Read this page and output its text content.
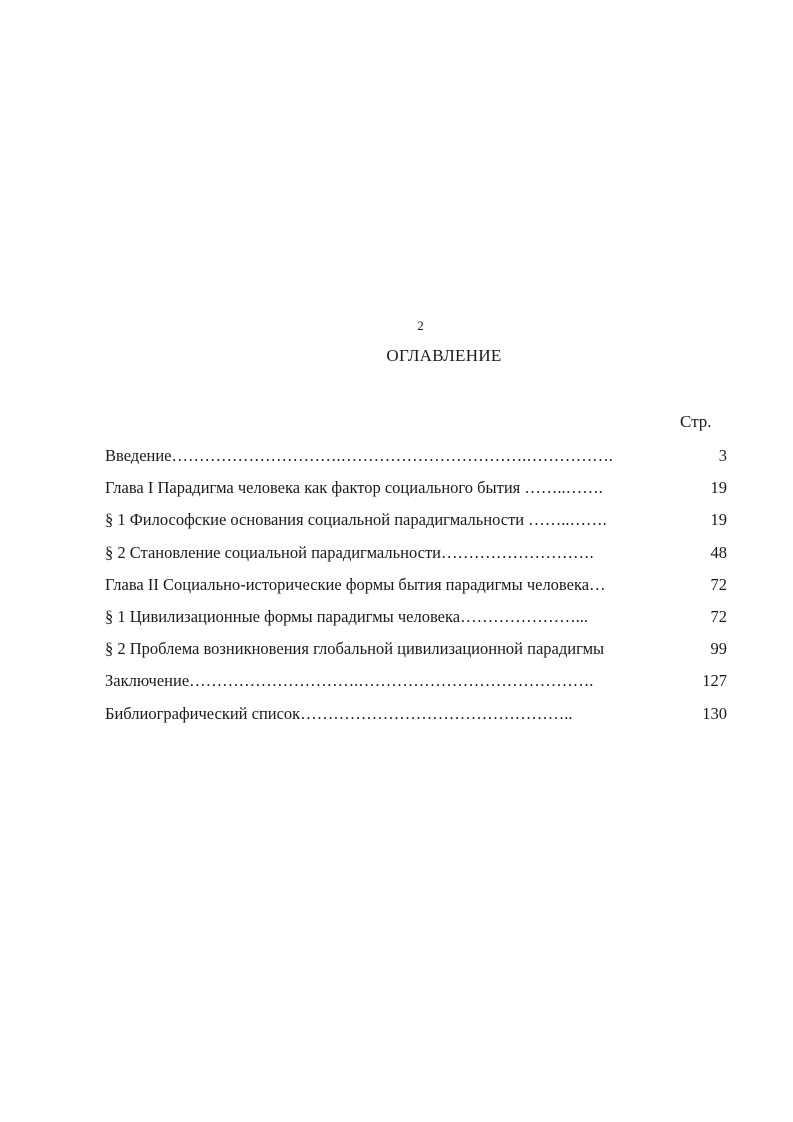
2
ОГЛАВЛЕНИЕ
Стр.
Введение………………………….…………………………….…………….	3
Глава I Парадигма человека как фактор социального бытия ……..…….	19
§ 1 Философские основания социальной парадигмальности ……..…….	19
§ 2 Становление социальной парадигмальности……………………….	48
Глава II Социально-исторические формы бытия парадигмы человека…	72
§ 1 Цивилизационные формы парадигмы человека…………………...	72
§ 2 Проблема возникновения глобальной цивилизационной парадигмы	99
Заключение………………………….…………………………………….	127
Библиографический список…………………………………………..	130
